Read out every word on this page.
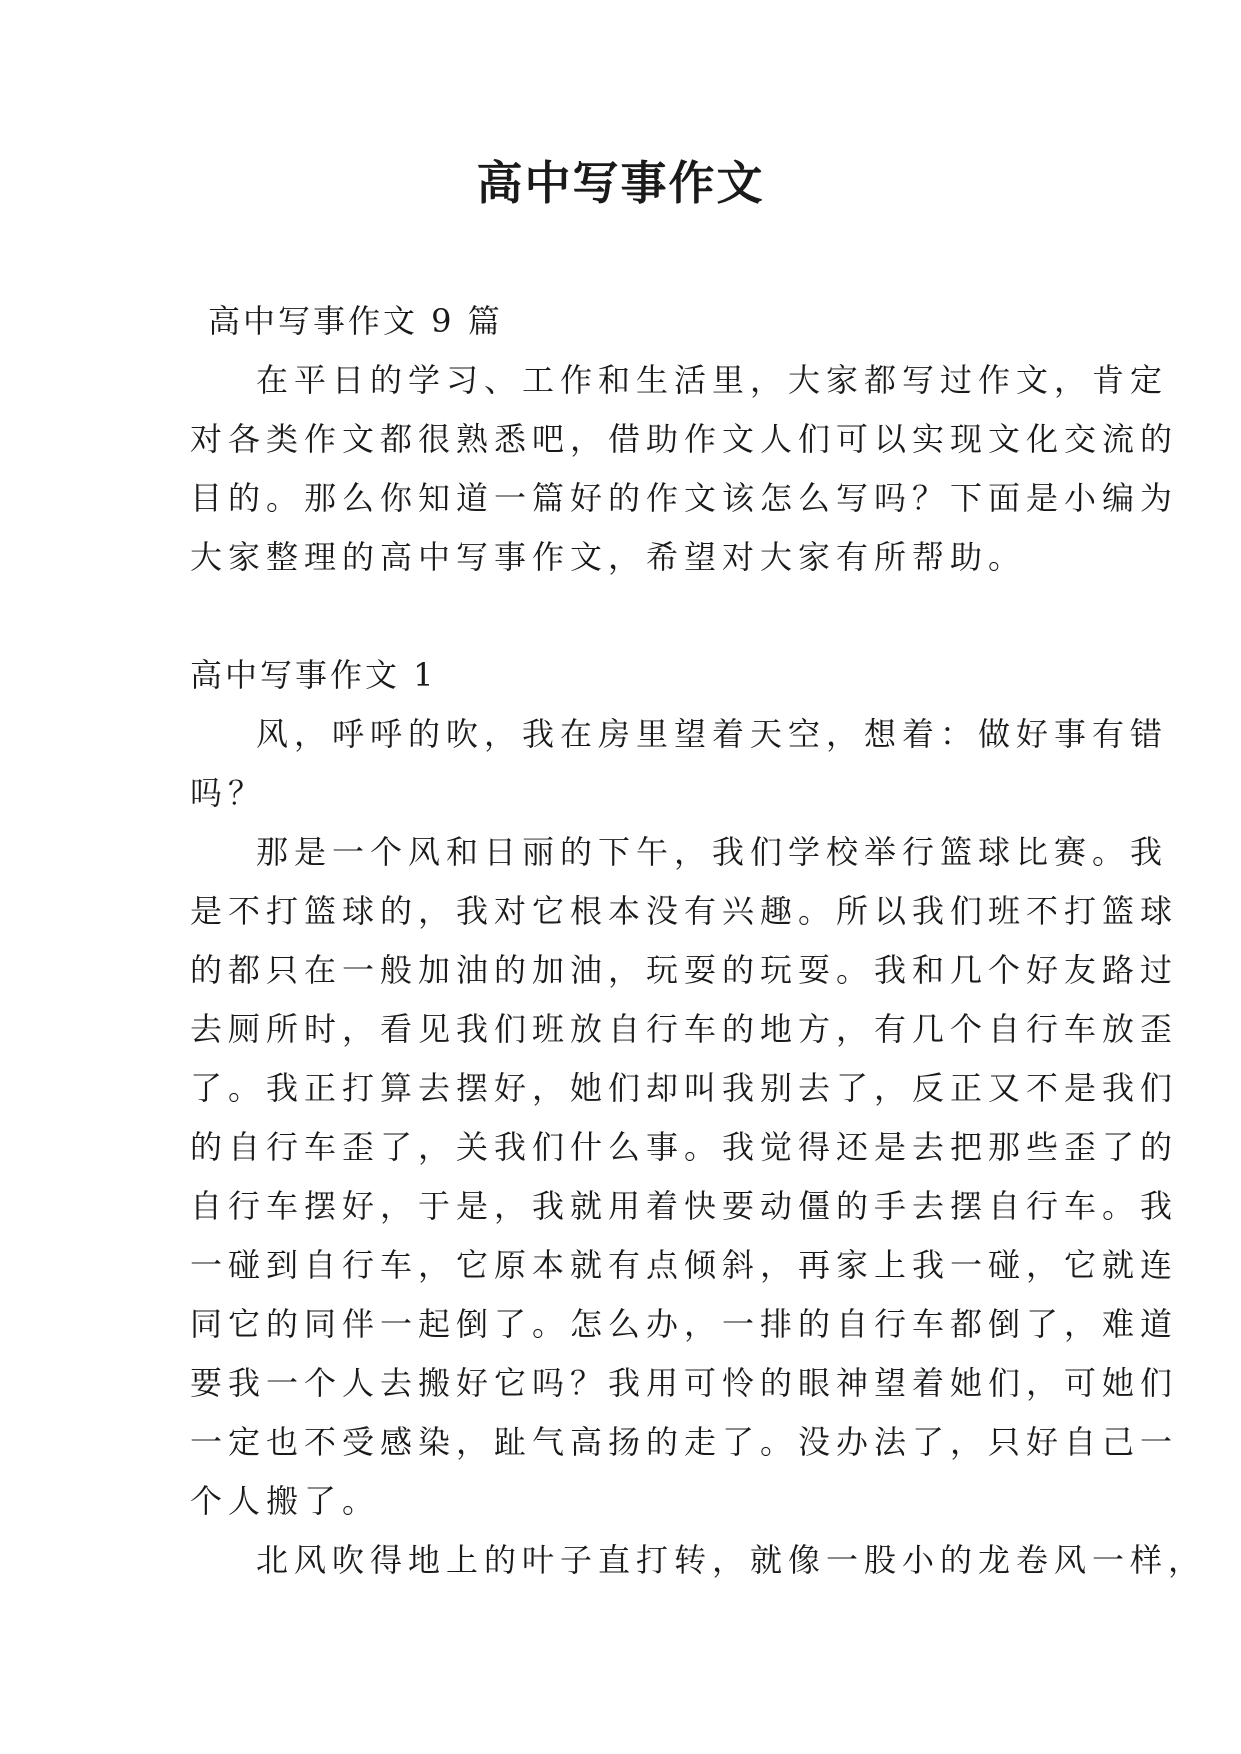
高中写事作文
高中写事作文 9 篇
在平日的学习、工作和生活里，大家都写过作文，肯定
对各类作文都很熟悉吧，借助作文人们可以实现文化交流的
目的。那么你知道一篇好的作文该怎么写吗？下面是小编为
大家整理的高中写事作文，希望对大家有所帮助。
高中写事作文 1
风，呼呼的吹，我在房里望着天空，想着：做好事有错
吗？
那是一个风和日丽的下午，我们学校举行篮球比赛。我
是不打篮球的，我对它根本没有兴趣。所以我们班不打篮球
的都只在一般加油的加油，玩耍的玩耍。我和几个好友路过
去厕所时，看见我们班放自行车的地方，有几个自行车放歪
了。我正打算去摆好，她们却叫我别去了，反正又不是我们
的自行车歪了，关我们什么事。我觉得还是去把那些歪了的
自行车摆好，于是，我就用着快要动僵的手去摆自行车。我
一碰到自行车，它原本就有点倾斜，再家上我一碰，它就连
同它的同伴一起倒了。怎么办，一排的自行车都倒了，难道
要我一个人去搬好它吗？我用可怜的眼神望着她们，可她们
一定也不受感染，趾气高扬的走了。没办法了，只好自己一
个人搬了。
北风吹得地上的叶子直打转，就像一股小的龙卷风一样，
